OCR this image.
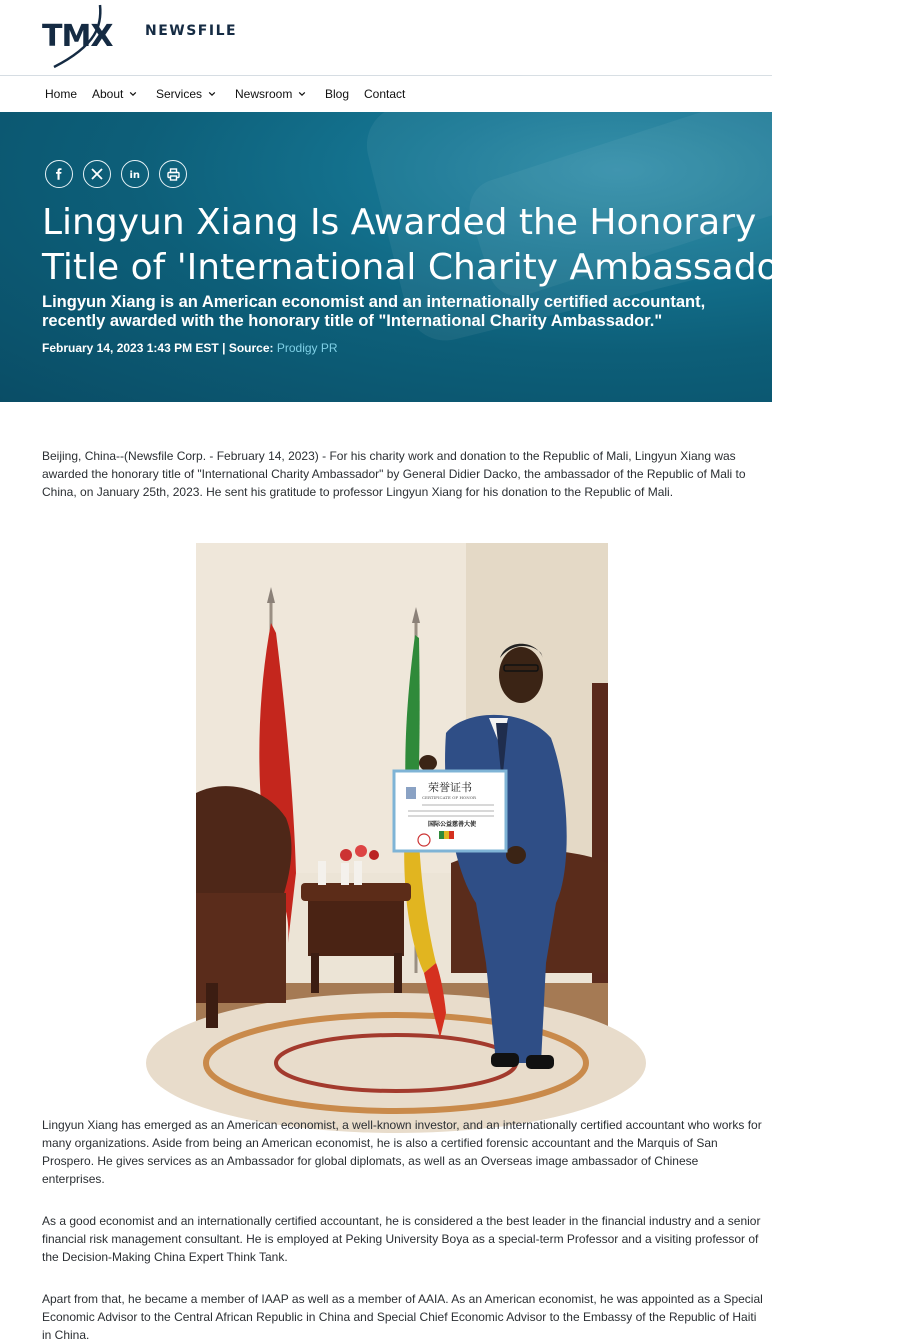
TMX NEWSFILE
Home About	Services	Newsroom	Blog Contact
in
Lingyun Xiang Is Awarded the Honorary
Title of 'International Charity Ambassador'
Lingyun Xiang is an American economist and an internationally certified accountant, recently awarded with the honorary title of "International Charity Ambassador."
February 14, 2023 1:43 PM EST | Source: Prodigy PR

Beijing, China--(Newsfile Corp. - February 14, 2023) - For his charity work and donation to the Republic of Mali, Lingyun Xiang was awarded the honorary title of "International Charity Ambassador" by General Didier Dacko, the ambassador of the Republic of Mali to China, on January 25th, 2023. He sent his gratitude to professor Lingyun Xiang for his donation to the Republic of Mali.

荣誉证书
CERTIFICATE OF HONOR
国际公益慈善大使

Lingyun Xiang has emerged as an American economist, a well-known investor, and an internationally certified accountant who works for many organizations. Aside from being an American economist, he is also a certified forensic accountant and the Marquis of San Prospero. He gives services as an Ambassador for global diplomats, as well as an Overseas image ambassador of Chinese enterprises.

As a good economist and an internationally certified accountant, he is considered a the best leader in the financial industry and a senior financial risk management consultant. He is employed at Peking University Boya as a special-term Professor and a visiting professor of the Decision-Making China Expert Think Tank.

Apart from that, he became a member of IAAP as well as a member of AAIA. As an American economist, he was appointed as a Special Economic Advisor to the Central African Republic in China and Special Chief Economic Advisor to the Embassy of the Republic of Haiti in China.
